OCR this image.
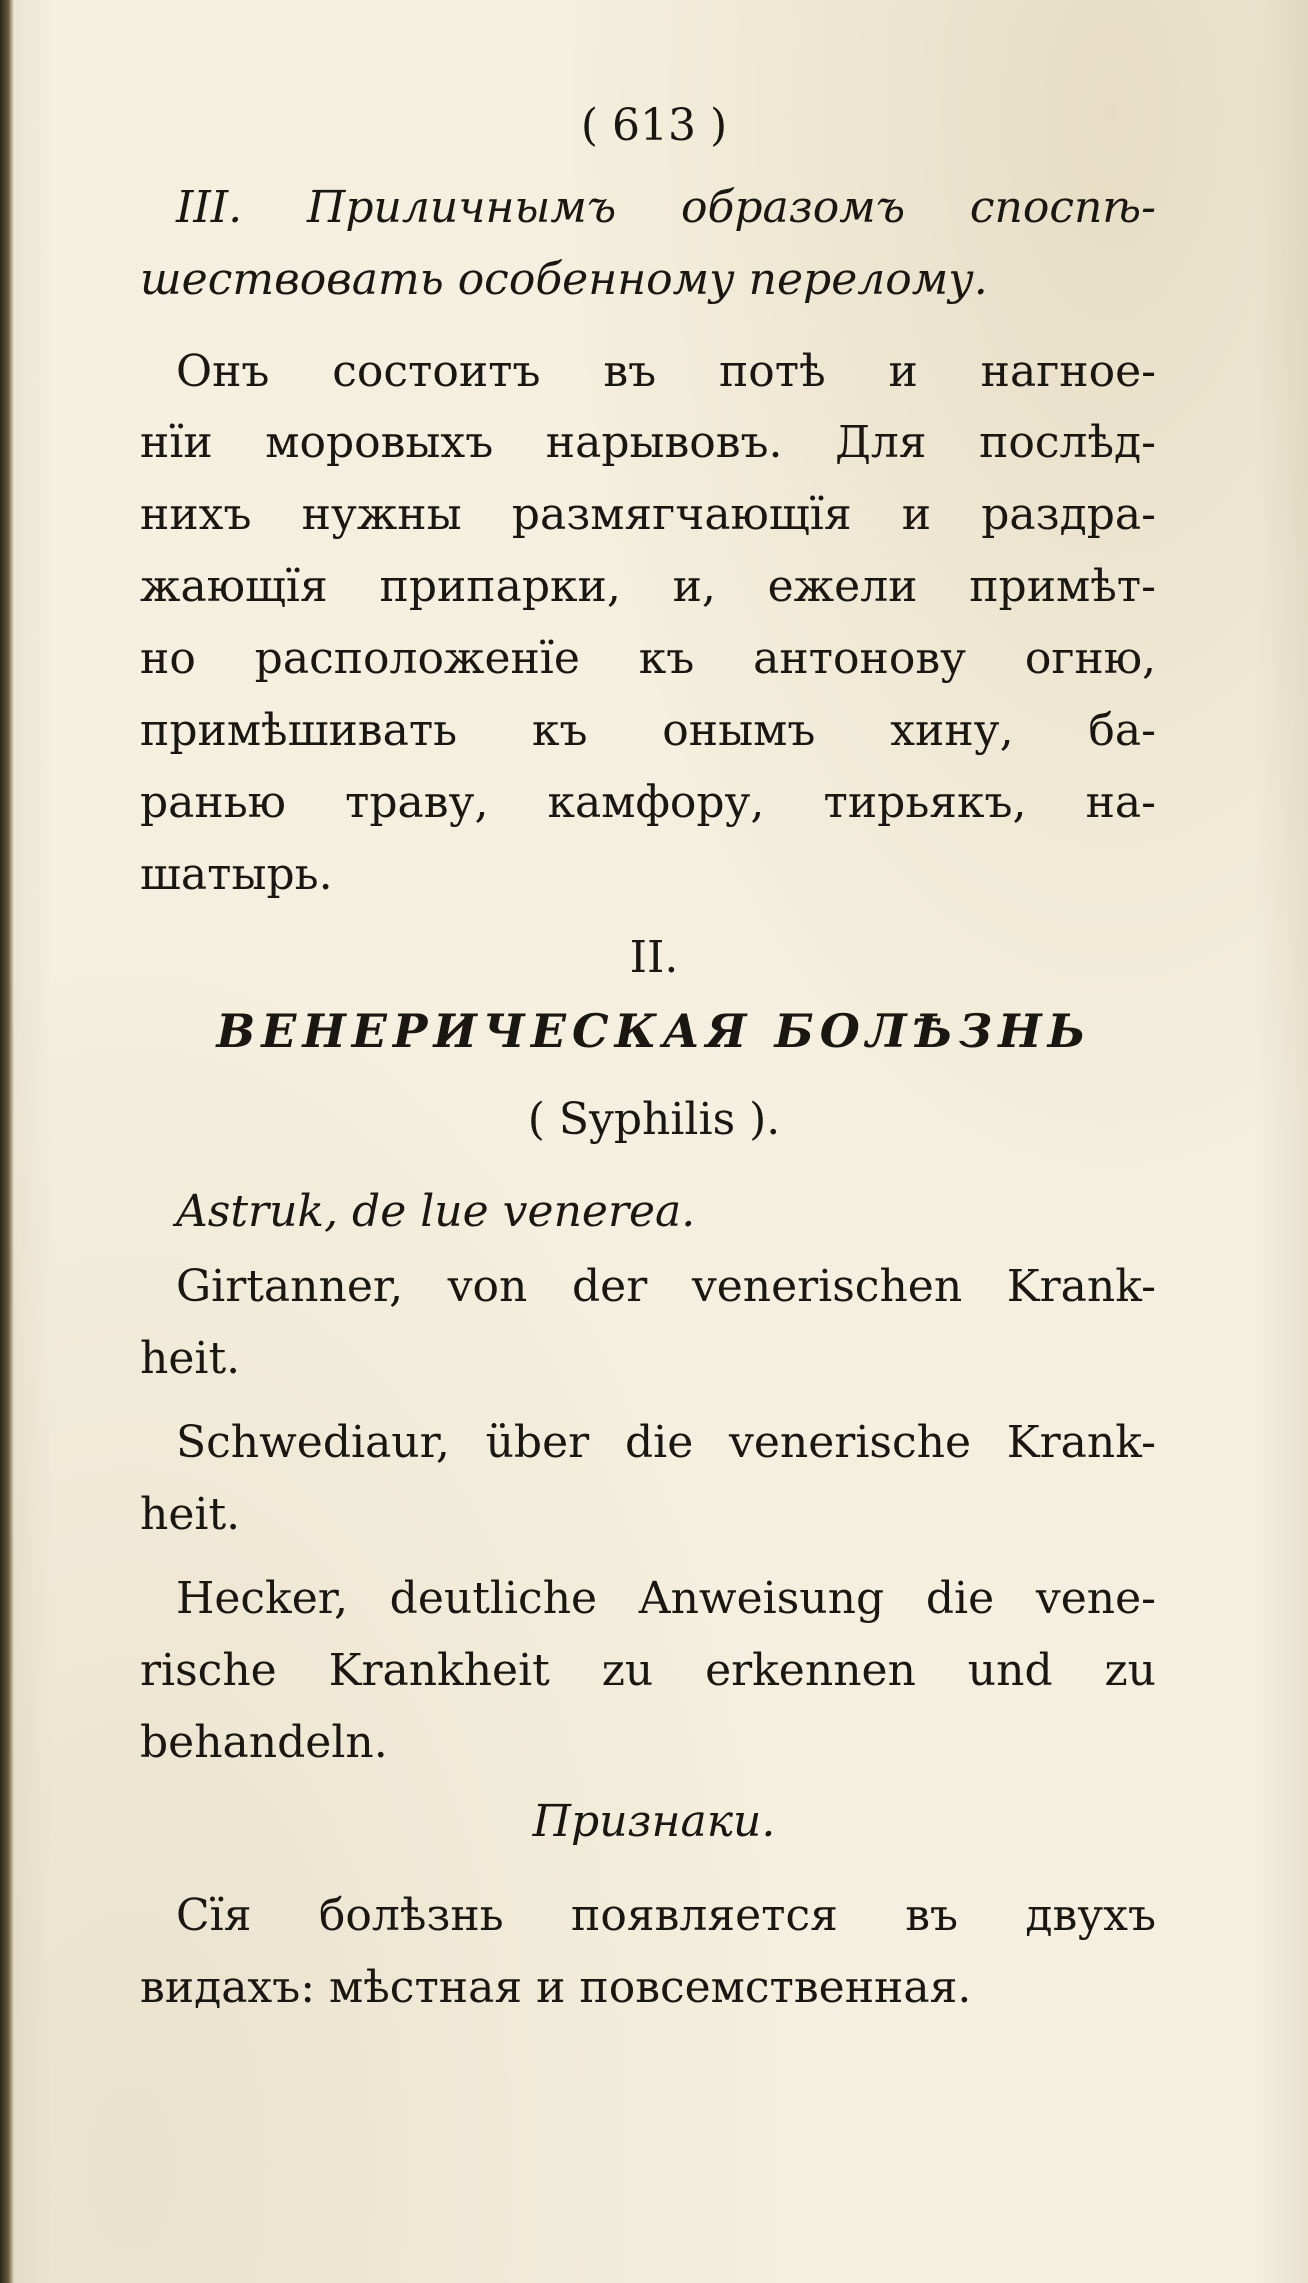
( 613 )
III. Приличнымъ образомъ споспѣ-
шествовать особенному перелому.
Онъ состоитъ въ потѣ и нагное-
нїи моровыхъ нарывовъ. Для послѣд-
нихъ нужны размягчающїя и раздра-
жающїя припарки, и, ежели примѣт-
но расположенїе къ антонову огню,
примѣшивать къ онымъ хину, ба-
ранью траву, камфору, тирьякъ, на-
шатырь.
II.
ВЕНЕРИЧЕСКАЯ БОЛѢЗНЬ
( Syphilis ).
Astruk, de lue venerea.
Girtanner, von der venerischen Krank-
heit.
Schwediaur, über die venerische Krank-
heit.
Hecker, deutliche Anweisung die vene-
rische Krankheit zu erkennen und zu
behandeln.
Признаки.
Сїя болѣзнь появляется въ двухъ
видахъ: мѣстная и повсемственная.
